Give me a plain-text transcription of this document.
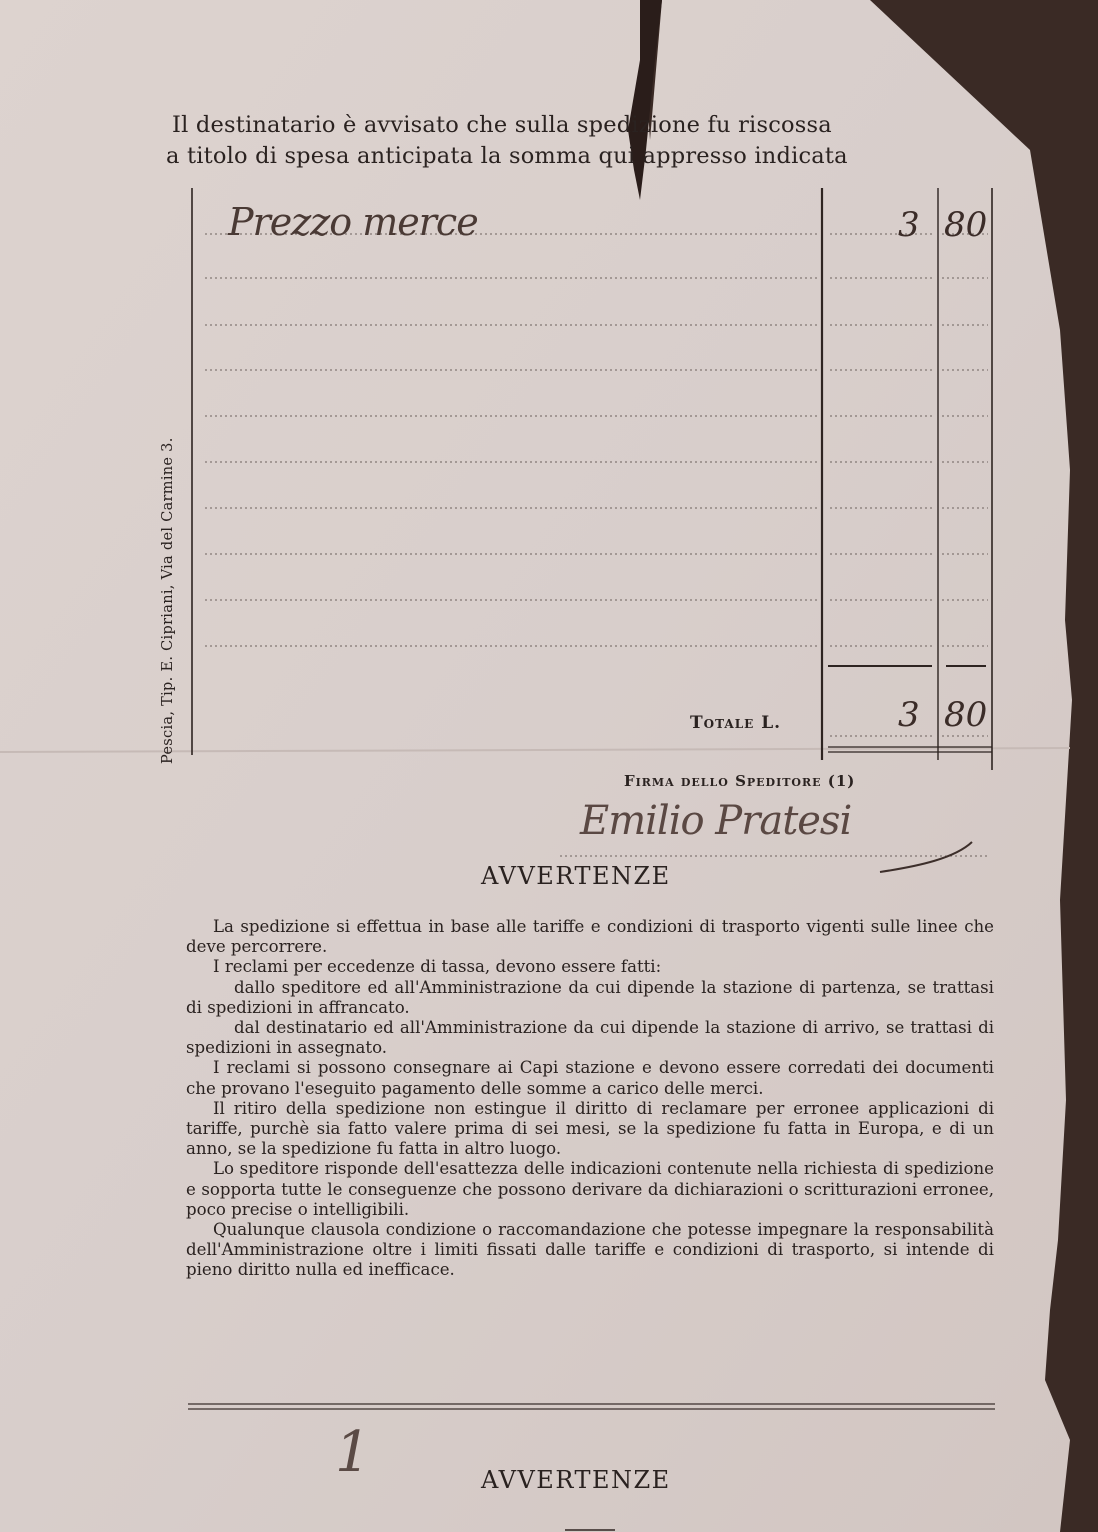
Il destinatario è avvisato che sulla spedizione fu riscossa
a titolo di spesa anticipata la somma qui appresso indicata
Pescia, Tip. E. Cipriani, Via del Carmine 3.
Prezzo merce	3 80
Totale L.	3 80
Firma dello Speditore (1)
Emilio Pratesi
AVVERTENZE

La spedizione si effettua in base alle tariffe e condizioni di trasporto vigenti sulle linee che deve percorrere.

I reclami per eccedenze di tassa, devono essere fatti:

dallo speditore ed all'Amministrazione da cui dipende la stazione di partenza, se trattasi di spedizioni in affrancato.

dal destinatario ed all'Amministrazione da cui dipende la stazione di arrivo, se trattasi di spedizioni in assegnato.

I reclami si possono consegnare ai Capi stazione e devono essere corredati dei documenti che provano l'eseguito pagamento delle somme a carico delle merci.

Il ritiro della spedizione non estingue il diritto di reclamare per erronee applicazioni di tariffe, purchè sia fatto valere prima di sei mesi, se la spedizione fu fatta in Europa, e di un anno, se la spedizione fu fatta in altro luogo.

Lo speditore risponde dell'esattezza delle indicazioni contenute nella richiesta di spedizione e sopporta tutte le conseguenze che possono derivare da dichiarazioni o scritturazioni erronee, poco precise o intelligibili.

Qualunque clausola condizione o raccomandazione che potesse impegnare la responsabilità dell'Amministrazione oltre i limiti fissati dalle tariffe e condizioni di trasporto, si intende di pieno diritto nulla ed inefficace.

1	AVVERTENZE
